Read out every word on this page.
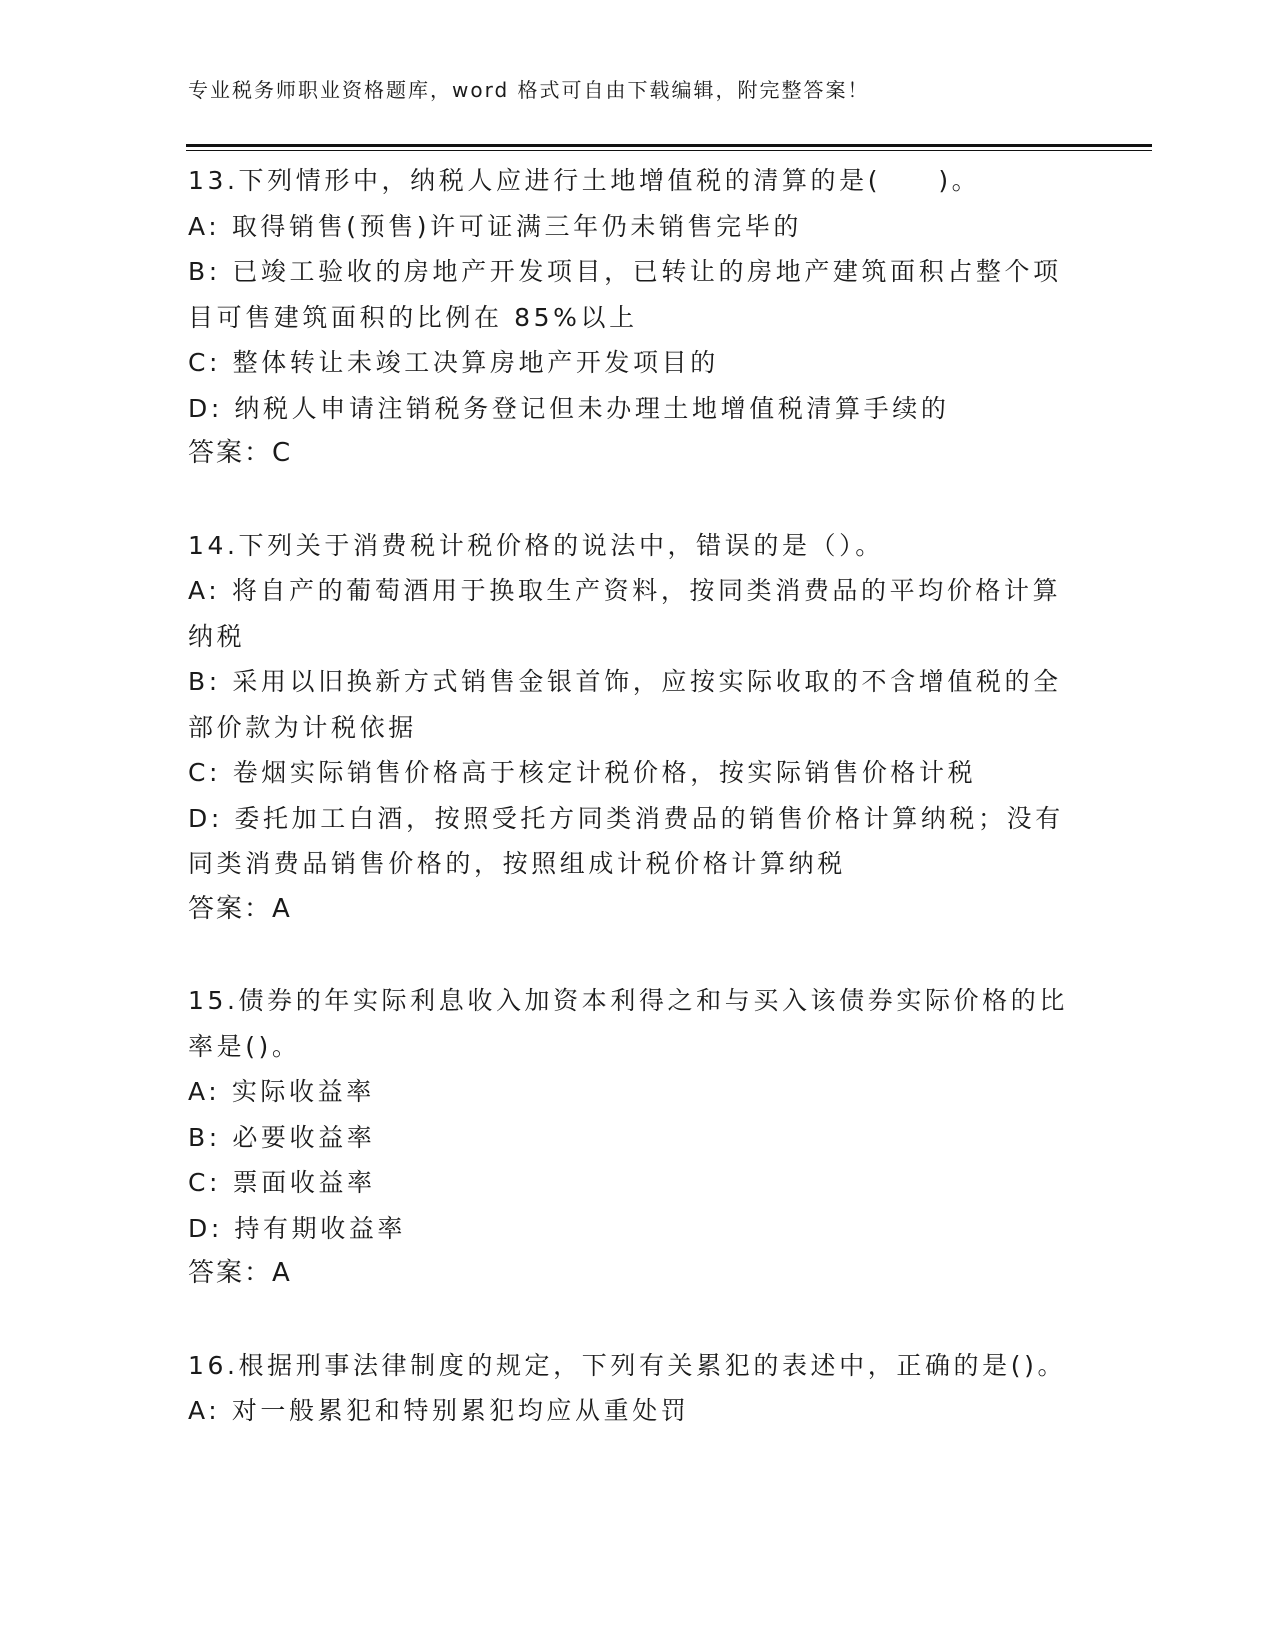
专业税务师职业资格题库，word 格式可自由下载编辑，附完整答案！
13.下列情形中，纳税人应进行土地增值税的清算的是(　　)。
A: 取得销售(预售)许可证满三年仍未销售完毕的
B: 已竣工验收的房地产开发项目，已转让的房地产建筑面积占整个项
目可售建筑面积的比例在 85%以上
C: 整体转让未竣工决算房地产开发项目的
D: 纳税人申请注销税务登记但未办理土地增值税清算手续的
答案：C
14.下列关于消费税计税价格的说法中，错误的是（）。
A: 将自产的葡萄酒用于换取生产资料，按同类消费品的平均价格计算
纳税
B: 采用以旧换新方式销售金银首饰，应按实际收取的不含增值税的全
部价款为计税依据
C: 卷烟实际销售价格高于核定计税价格，按实际销售价格计税
D: 委托加工白酒，按照受托方同类消费品的销售价格计算纳税；没有
同类消费品销售价格的，按照组成计税价格计算纳税
答案：A
15.债券的年实际利息收入加资本利得之和与买入该债券实际价格的比
率是()。
A: 实际收益率
B: 必要收益率
C: 票面收益率
D: 持有期收益率
答案：A
16.根据刑事法律制度的规定，下列有关累犯的表述中，正确的是()。
A: 对一般累犯和特别累犯均应从重处罚
